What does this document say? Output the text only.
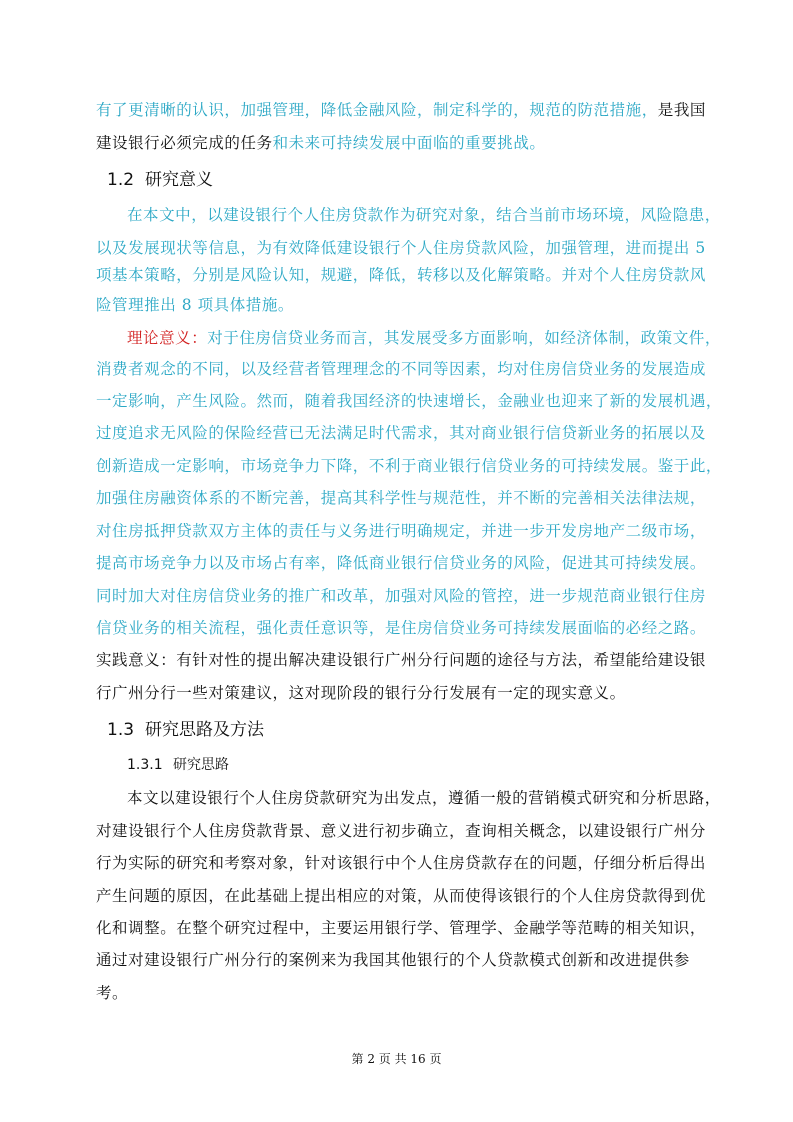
有了更清晰的认识，加强管理，降低金融风险，制定科学的，规范的防范措施，是我国
建设银行必须完成的任务和未来可持续发展中面临的重要挑战。
1.2 研究意义
在本文中，以建设银行个人住房贷款作为研究对象，结合当前市场环境，风险隐患，
以及发展现状等信息，为有效降低建设银行个人住房贷款风险，加强管理，进而提出 5
项基本策略，分别是风险认知，规避，降低，转移以及化解策略。并对个人住房贷款风
险管理推出 8 项具体措施。
理论意义：对于住房信贷业务而言，其发展受多方面影响，如经济体制，政策文件，
消费者观念的不同，以及经营者管理理念的不同等因素，均对住房信贷业务的发展造成
一定影响，产生风险。然而，随着我国经济的快速增长，金融业也迎来了新的发展机遇，
过度追求无风险的保险经营已无法满足时代需求，其对商业银行信贷新业务的拓展以及
创新造成一定影响，市场竞争力下降，不利于商业银行信贷业务的可持续发展。鉴于此，
加强住房融资体系的不断完善，提高其科学性与规范性，并不断的完善相关法律法规，
对住房抵押贷款双方主体的责任与义务进行明确规定，并进一步开发房地产二级市场，
提高市场竞争力以及市场占有率，降低商业银行信贷业务的风险，促进其可持续发展。
同时加大对住房信贷业务的推广和改革，加强对风险的管控，进一步规范商业银行住房
信贷业务的相关流程，强化责任意识等，是住房信贷业务可持续发展面临的必经之路。
实践意义：有针对性的提出解决建设银行广州分行问题的途径与方法，希望能给建设银
行广州分行一些对策建议，这对现阶段的银行分行发展有一定的现实意义。
1.3 研究思路及方法
1.3.1 研究思路
本文以建设银行个人住房贷款研究为出发点，遵循一般的营销模式研究和分析思路，
对建设银行个人住房贷款背景、意义进行初步确立，查询相关概念，以建设银行广州分
行为实际的研究和考察对象，针对该银行中个人住房贷款存在的问题，仔细分析后得出
产生问题的原因，在此基础上提出相应的对策，从而使得该银行的个人住房贷款得到优
化和调整。在整个研究过程中，主要运用银行学、管理学、金融学等范畴的相关知识，
通过对建设银行广州分行的案例来为我国其他银行的个人贷款模式创新和改进提供参
考。
第 2 页 共 16 页
